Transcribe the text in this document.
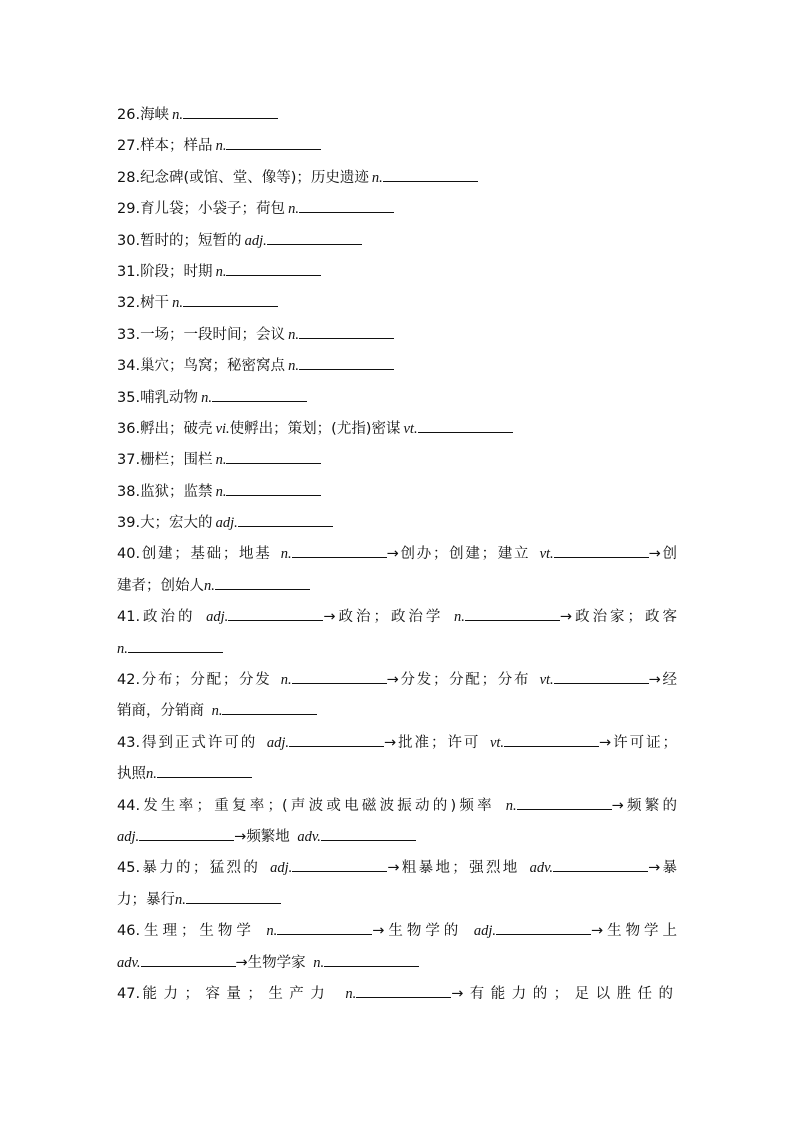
26.海峡 n.
27.样本；样品 n.
28.纪念碑(或馆、堂、像等)；历史遗迹 n.
29.育儿袋；小袋子；荷包 n.
30.暂时的；短暂的 adj.
31.阶段；时期 n.
32.树干 n.
33.一场；一段时间；会议 n.
34.巢穴；鸟窝；秘密窝点 n.
35.哺乳动物 n.
36.孵出；破壳 vi.使孵出；策划；(尤指)密谋 vt.
37.栅栏；围栏 n.
38.监狱；监禁 n.
39.大；宏大的 adj.
40.创建；基础；地基 n.	→创办；创建；建立 vt.	→创
建者；创始人n.
41.政治的 adj.	→政治；政治学 n.	→政治家；政客
n.
42.分布；分配；分发 n.	→分发；分配；分布 vt.	→经
销商，分销商 n.
43.得到正式许可的 adj.	→批准；许可 vt.	→许可证；
执照n.
44.发生率；重复率；(声波或电磁波振动的)频率 n.	→频繁的
adj.	→频繁地 adv.
45.暴力的；猛烈的 adj.	→粗暴地；强烈地 adv.	→暴
力；暴行n.
46.生理；生物学 n.	→生物学的 adj.	→生物学上
adv.	→生物学家 n.
47.能力；容量；生产力 n.	→有能力的；足以胜任的
